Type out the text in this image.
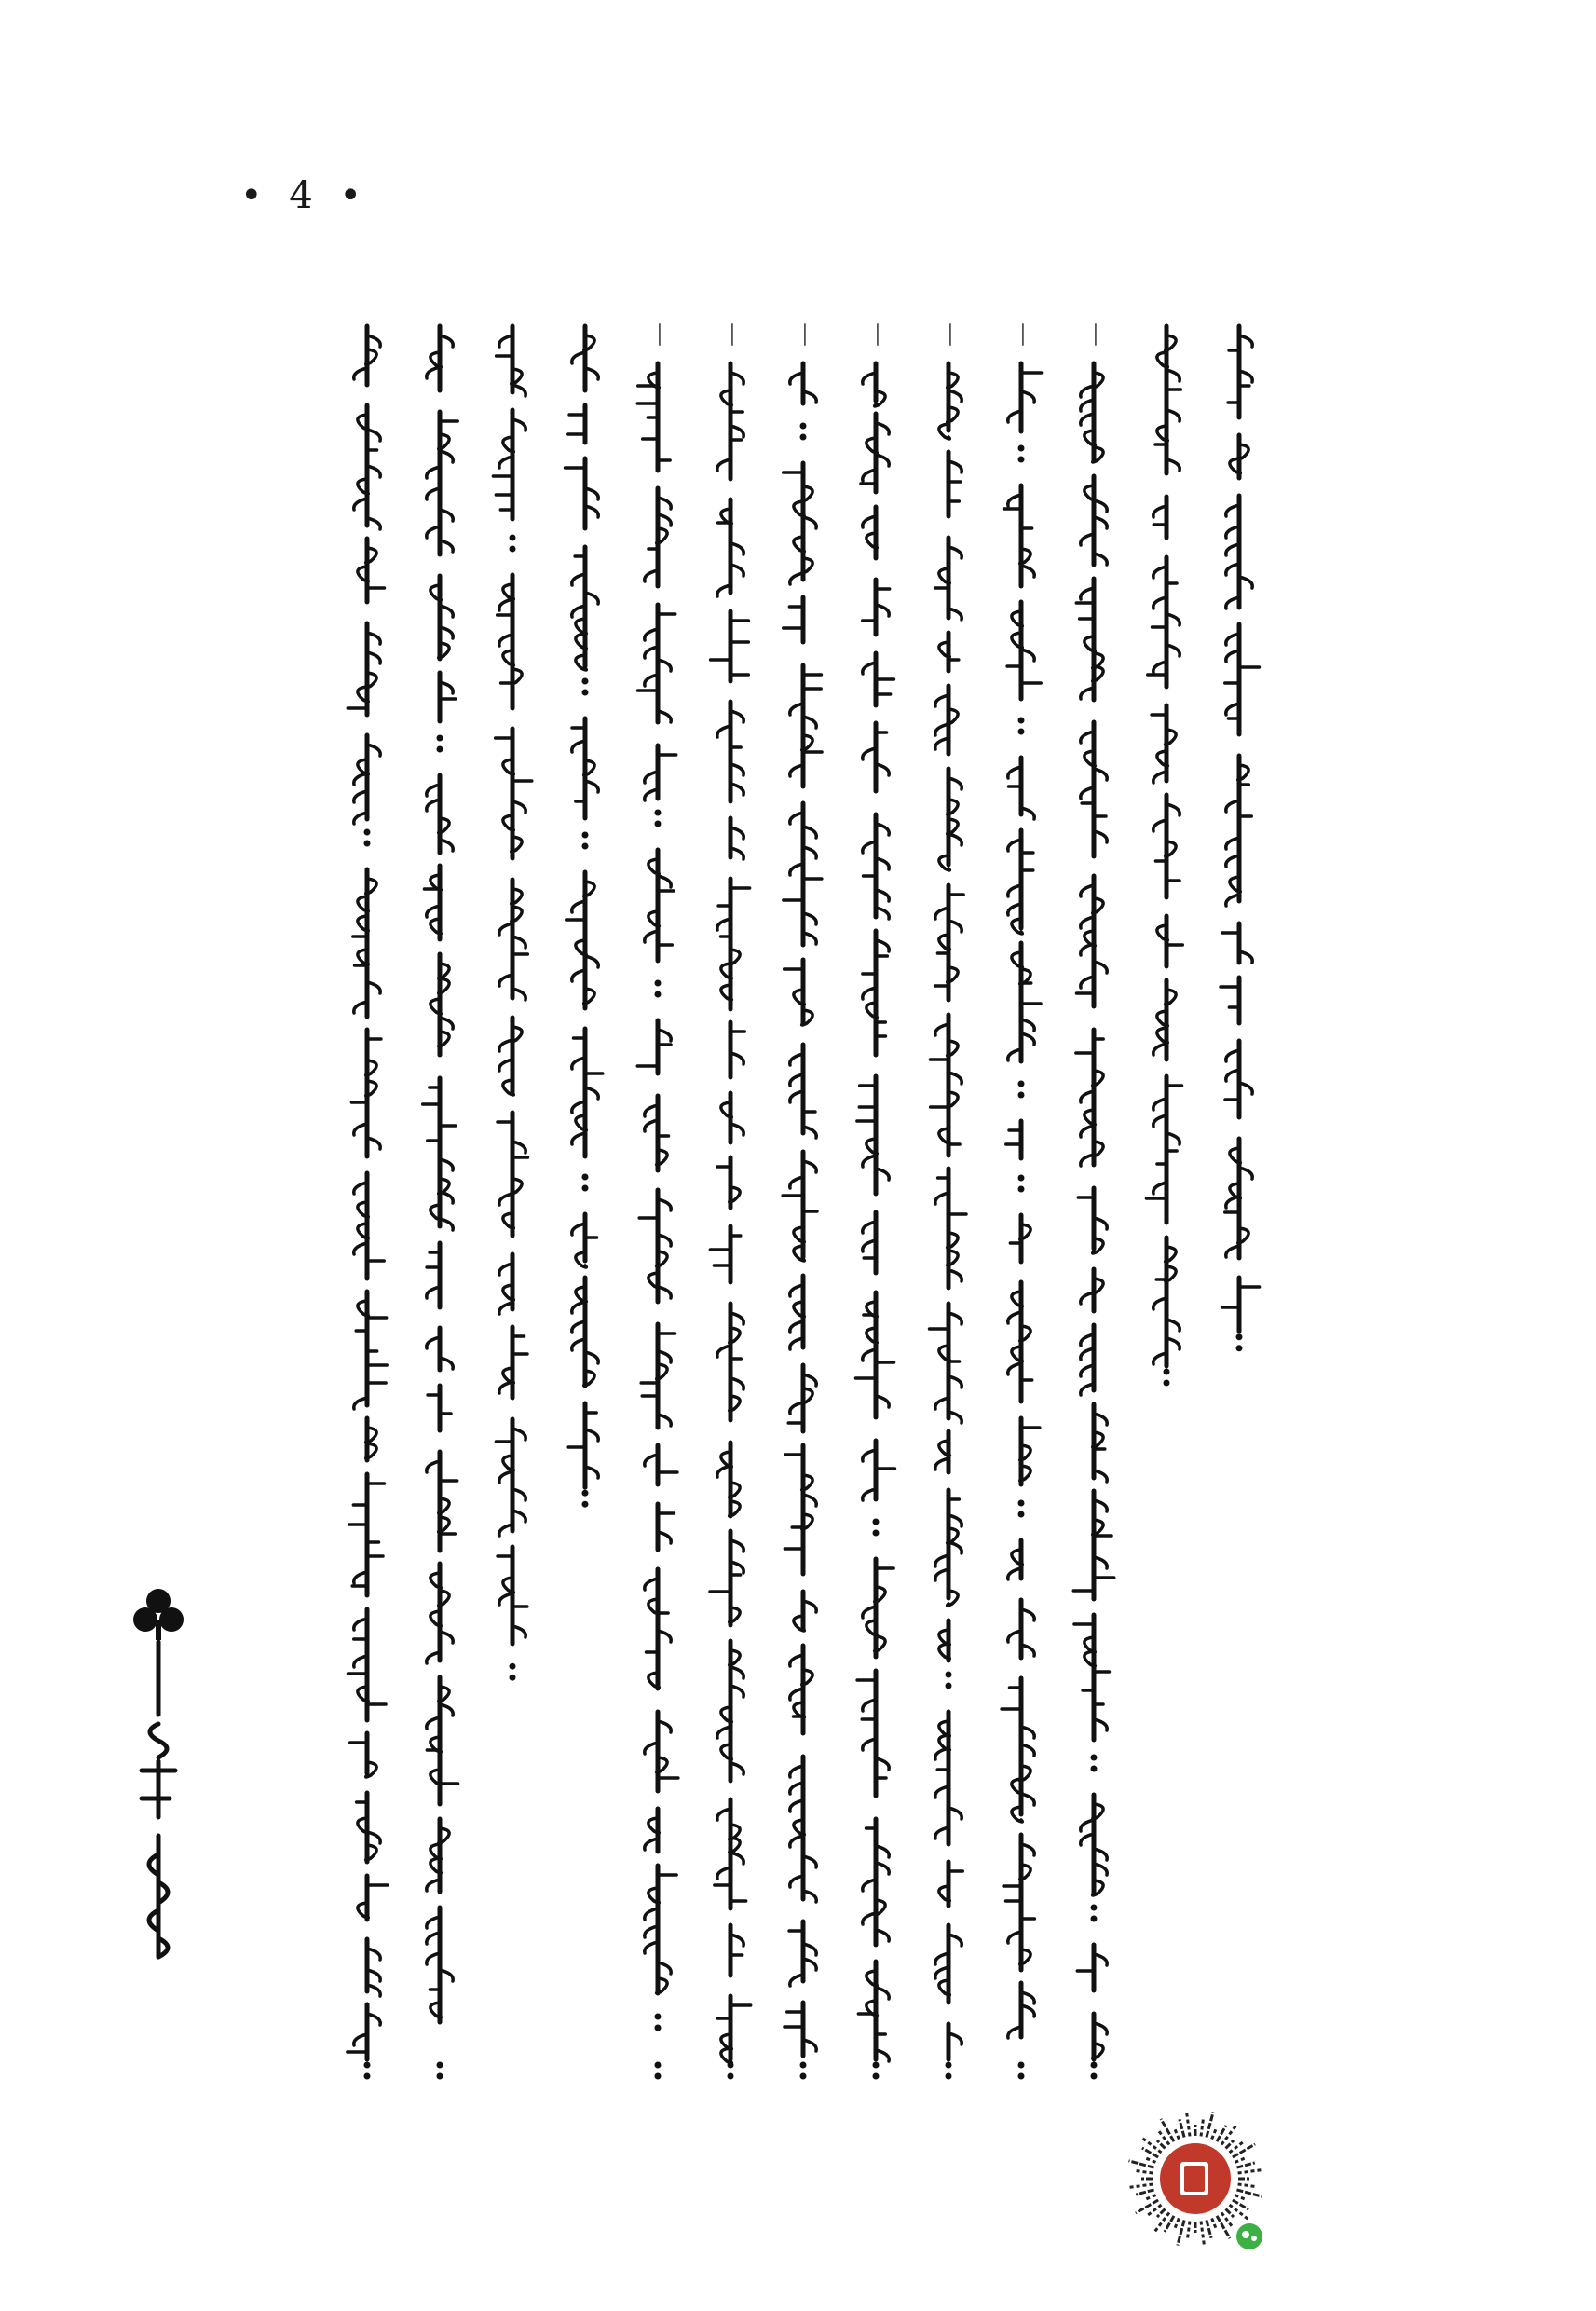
• 4 •
—
—
—
—
—
—
—
